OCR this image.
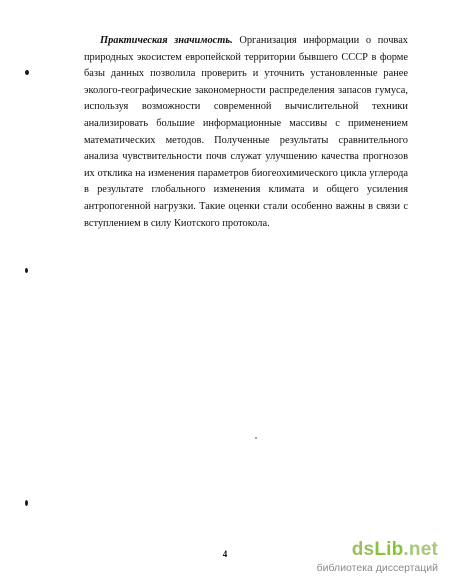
Практическая значимость. Организация информации о почвах природных экосистем европейской территории бывшего СССР в форме базы данных позволила проверить и уточнить установленные ранее эколого-географические закономерности распределения запасов гумуса, используя возможности современной вычислительной техники анализировать большие информационные массивы с применением математических методов. Полученные результаты сравнительного анализа чувствительности почв служат улучшению качества прогнозов их отклика на изменения параметров биогеохимического цикла углерода в результате глобального изменения климата и общего усиления антропогенной нагрузки. Такие оценки стали особенно важны в связи с вступлением в силу Киотского протокола.

4	dsLib.net
библиотека диссертаций
